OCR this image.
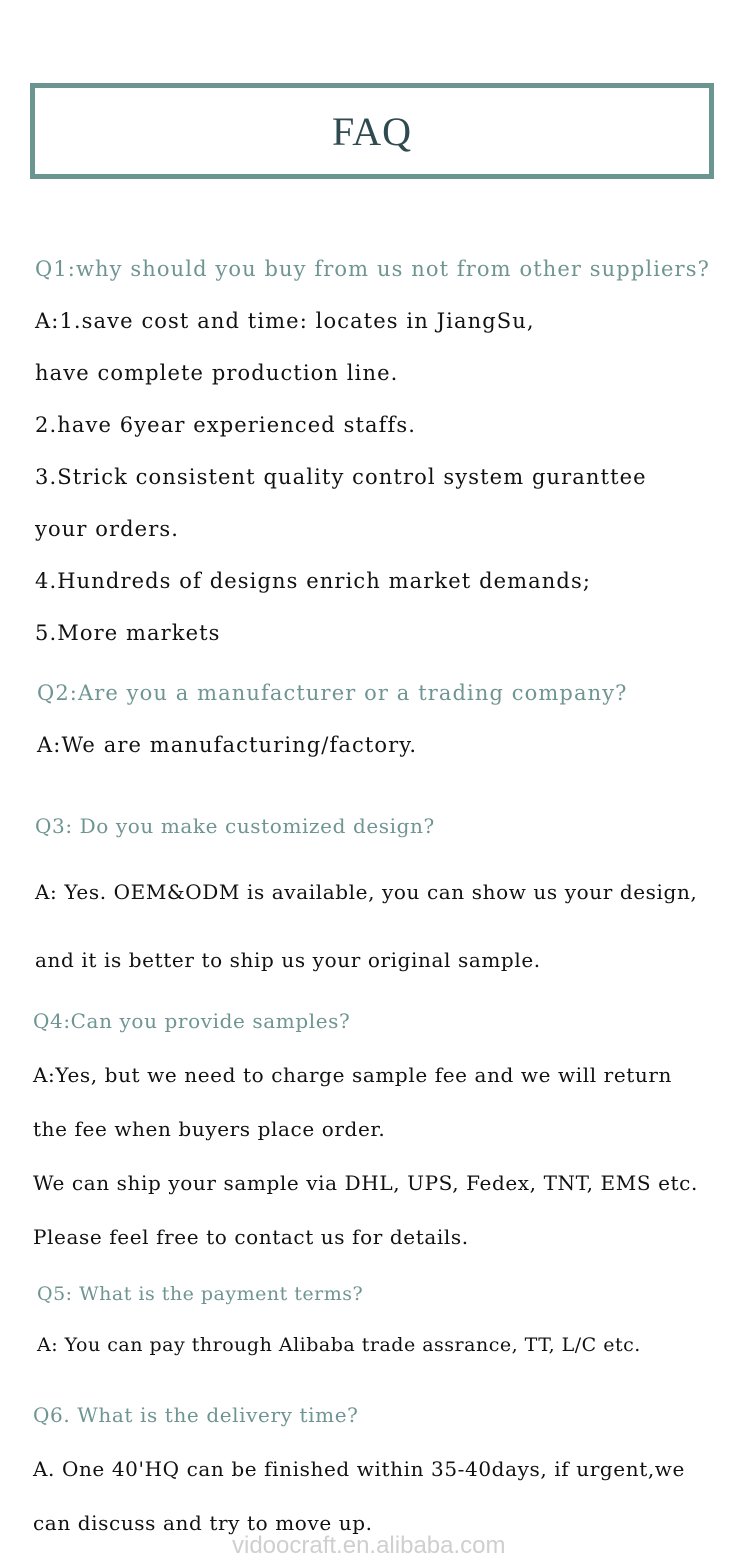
FAQ
Q1:why should you buy from us not from other suppliers?
A:1.save cost and time: locates in JiangSu,
have complete production line.
2.have 6year experienced staffs.
3.Strick consistent quality control system guranttee
your orders.
4.Hundreds of designs enrich market demands;
5.More markets
Q2:Are you a manufacturer or a trading company?
A:We are manufacturing/factory.
Q3: Do you make customized design?
A: Yes. OEM&ODM is available, you can show us your design,
and it is better to ship us your original sample.
Q4:Can you provide samples?
A:Yes, but we need to charge sample fee and we will return
the fee when buyers place order.
We can ship your sample via DHL, UPS, Fedex, TNT, EMS etc.
Please feel free to contact us for details.
Q5: What is the payment terms?
A: You can pay through Alibaba trade assrance, TT, L/C etc.
Q6. What is the delivery time?
A. One 40'HQ can be finished within 35-40days, if urgent,we
can discuss and try to move up.
vidoocraft.en.alibaba.com
